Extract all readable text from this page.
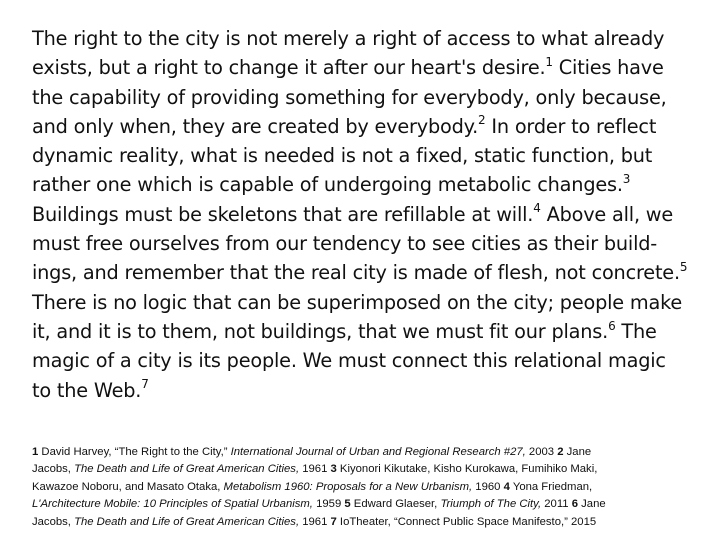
The right to the city is not merely a right of access to what already
exists, but a right to change it after our heart's desire.$^1$ Cities have
the capability of providing something for everybody, only because,
and only when, they are created by everybody.$^2$ In order to reflect
dynamic reality, what is needed is not a fixed, static function, but
rather one which is capable of undergoing metabolic changes.$^3$
Buildings must be skeletons that are refillable at will.$^4$ Above all, we
must free ourselves from our tendency to see cities as their build-
ings, and remember that the real city is made of flesh, not concrete.$^5$
There is no logic that can be superimposed on the city; people make
it, and it is to them, not buildings, that we must fit our plans.$^6$ The
magic of a city is its people. We must connect this relational magic
to the Web.$^7$
1 David Harvey, “The Right to the City,” International Journal of Urban and Regional Research #27, 2003 2 Jane
Jacobs, The Death and Life of Great American Cities, 1961 3 Kiyonori Kikutake, Kisho Kurokawa, Fumihiko Maki,
Kawazoe Noboru, and Masato Otaka, Metabolism 1960: Proposals for a New Urbanism, 1960 4 Yona Friedman,
L'Architecture Mobile: 10 Principles of Spatial Urbanism, 1959 5 Edward Glaeser, Triumph of The City, 2011 6 Jane
Jacobs, The Death and Life of Great American Cities, 1961 7 IoTheater, “Connect Public Space Manifesto,” 2015
